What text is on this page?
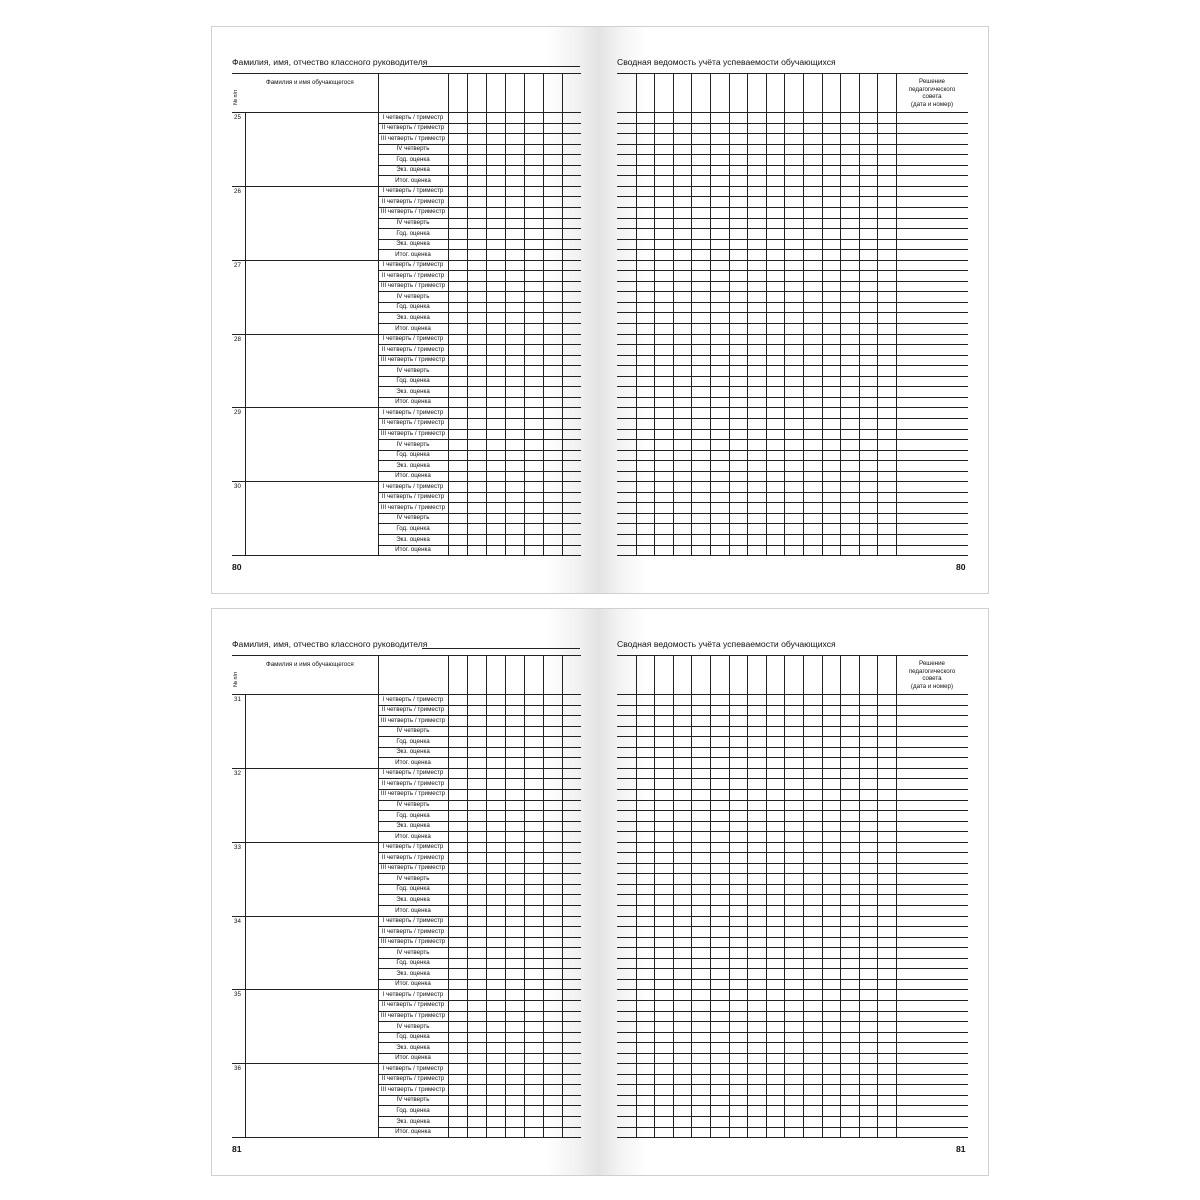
Фамилия, имя, отчество классного руководителя
№ п/п
Фамилия и имя обучающегося
25	I четверть / триместр
II четверть / триместр
III четверть / триместр
IV четверть
Год. оценка
Экз. оценка
Итог. оценка
26	I четверть / триместр
II четверть / триместр
III четверть / триместр
IV четверть
Год. оценка
Экз. оценка
Итог. оценка
27	I четверть / триместр
II четверть / триместр
III четверть / триместр
IV четверть
Год. оценка
Экз. оценка
Итог. оценка
28	I четверть / триместр
II четверть / триместр
III четверть / триместр
IV четверть
Год. оценка
Экз. оценка
Итог. оценка
29	I четверть / триместр
II четверть / триместр
III четверть / триместр
IV четверть
Год. оценка
Экз. оценка
Итог. оценка
30	I четверть / триместр
II четверть / триместр
III четверть / триместр
IV четверть
Год. оценка
Экз. оценка
Итог. оценка
80
Сводная ведомость учёта успеваемости обучающихся
Решение
педагогического
совета
(дата и номер)
80
Фамилия, имя, отчество классного руководителя
№ п/п
Фамилия и имя обучающегося
31	I четверть / триместр
II четверть / триместр
III четверть / триместр
IV четверть
Год. оценка
Экз. оценка
Итог. оценка
32	I четверть / триместр
II четверть / триместр
III четверть / триместр
IV четверть
Год. оценка
Экз. оценка
Итог. оценка
33	I четверть / триместр
II четверть / триместр
III четверть / триместр
IV четверть
Год. оценка
Экз. оценка
Итог. оценка
34	I четверть / триместр
II четверть / триместр
III четверть / триместр
IV четверть
Год. оценка
Экз. оценка
Итог. оценка
35	I четверть / триместр
II четверть / триместр
III четверть / триместр
IV четверть
Год. оценка
Экз. оценка
Итог. оценка
36	I четверть / триместр
II четверть / триместр
III четверть / триместр
IV четверть
Год. оценка
Экз. оценка
Итог. оценка
81
Сводная ведомость учёта успеваемости обучающихся
Решение
педагогического
совета
(дата и номер)
81
